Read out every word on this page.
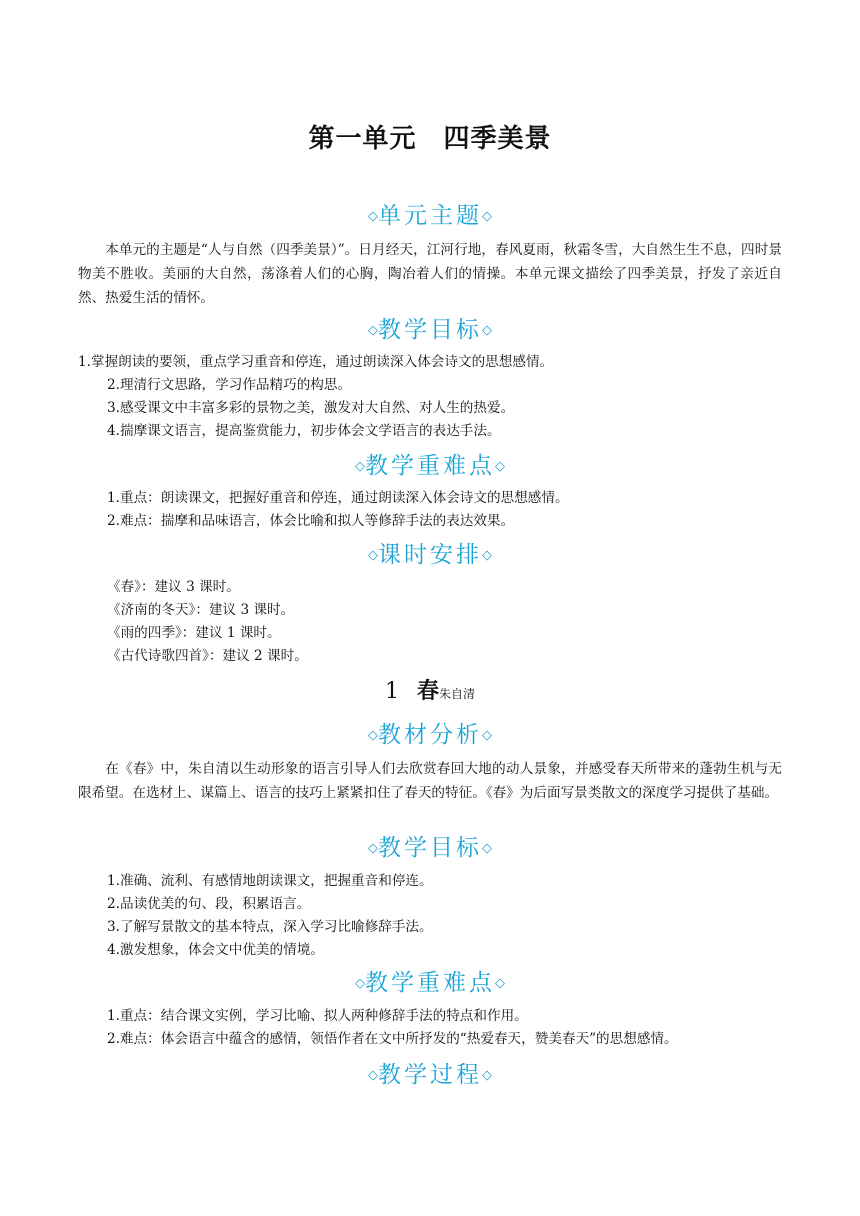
第一单元　四季美景
◇单元主题◇
本单元的主题是“人与自然（四季美景）”。日月经天，江河行地，春风夏雨，秋霜冬雪，大自然生生不息，四时景物美不胜收。美丽的大自然，荡涤着人们的心胸，陶冶着人们的情操。本单元课文描绘了四季美景，抒发了亲近自然、热爱生活的情怀。
◇教学目标◇
1.掌握朗读的要领，重点学习重音和停连，通过朗读深入体会诗文的思想感情。
2.理清行文思路，学习作品精巧的构思。
3.感受课文中丰富多彩的景物之美，激发对大自然、对人生的热爱。
4.揣摩课文语言，提高鉴赏能力，初步体会文学语言的表达手法。
◇教学重难点◇
1.重点：朗读课文，把握好重音和停连，通过朗读深入体会诗文的思想感情。
2.难点：揣摩和品味语言，体会比喻和拟人等修辞手法的表达效果。
◇课时安排◇
《春》：建议 3 课时。
《济南的冬天》：建议 3 课时。
《雨的四季》：建议 1 课时。
《古代诗歌四首》：建议 2 课时。
1 春朱自清
◇教材分析◇
在《春》中，朱自清以生动形象的语言引导人们去欣赏春回大地的动人景象，并感受春天所带来的蓬勃生机与无限希望。在选材上、谋篇上、语言的技巧上紧紧扣住了春天的特征。《春》为后面写景类散文的深度学习提供了基础。
◇教学目标◇
1.准确、流利、有感情地朗读课文，把握重音和停连。
2.品读优美的句、段，积累语言。
3.了解写景散文的基本特点，深入学习比喻修辞手法。
4.激发想象，体会文中优美的情境。
◇教学重难点◇
1.重点：结合课文实例，学习比喻、拟人两种修辞手法的特点和作用。
2.难点：体会语言中蕴含的感情，领悟作者在文中所抒发的“热爱春天，赞美春天”的思想感情。
◇教学过程◇
